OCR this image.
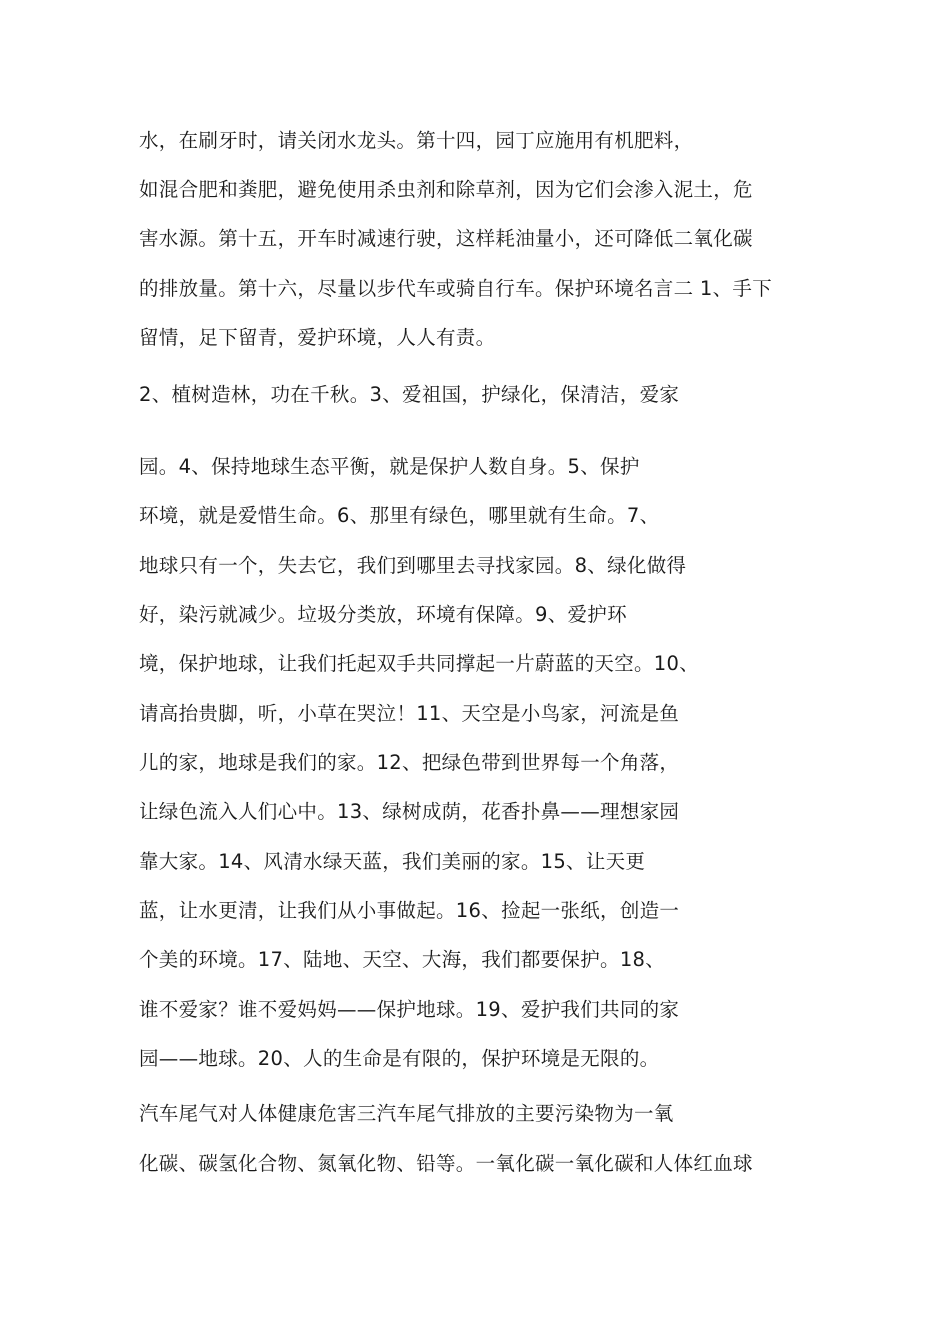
水，在刷牙时，请关闭水龙头。第十四，园丁应施用有机肥料，
如混合肥和粪肥，避免使用杀虫剂和除草剂，因为它们会渗入泥土，危
害水源。第十五，开车时减速行驶，这样耗油量小，还可降低二氧化碳
的排放量。第十六，尽量以步代车或骑自行车。保护环境名言二 1、手下
留情，足下留青，爱护环境，人人有责。
2、植树造林，功在千秋。3、爱祖国，护绿化，保清洁，爱家
园。4、保持地球生态平衡，就是保护人数自身。5、保护
环境，就是爱惜生命。6、那里有绿色，哪里就有生命。7、
地球只有一个，失去它，我们到哪里去寻找家园。8、绿化做得
好，染污就减少。垃圾分类放，环境有保障。9、爱护环
境，保护地球，让我们托起双手共同撑起一片蔚蓝的天空。10、
请高抬贵脚，听，小草在哭泣！11、天空是小鸟家，河流是鱼
儿的家，地球是我们的家。12、把绿色带到世界每一个角落，
让绿色流入人们心中。13、绿树成荫，花香扑鼻——理想家园
靠大家。14、风清水绿天蓝，我们美丽的家。15、让天更
蓝，让水更清，让我们从小事做起。16、捡起一张纸，创造一
个美的环境。17、陆地、天空、大海，我们都要保护。18、
谁不爱家？谁不爱妈妈——保护地球。19、爱护我们共同的家
园——地球。20、人的生命是有限的，保护环境是无限的。
汽车尾气对人体健康危害三汽车尾气排放的主要污染物为一氧
化碳、碳氢化合物、氮氧化物、铅等。一氧化碳一氧化碳和人体红血球
